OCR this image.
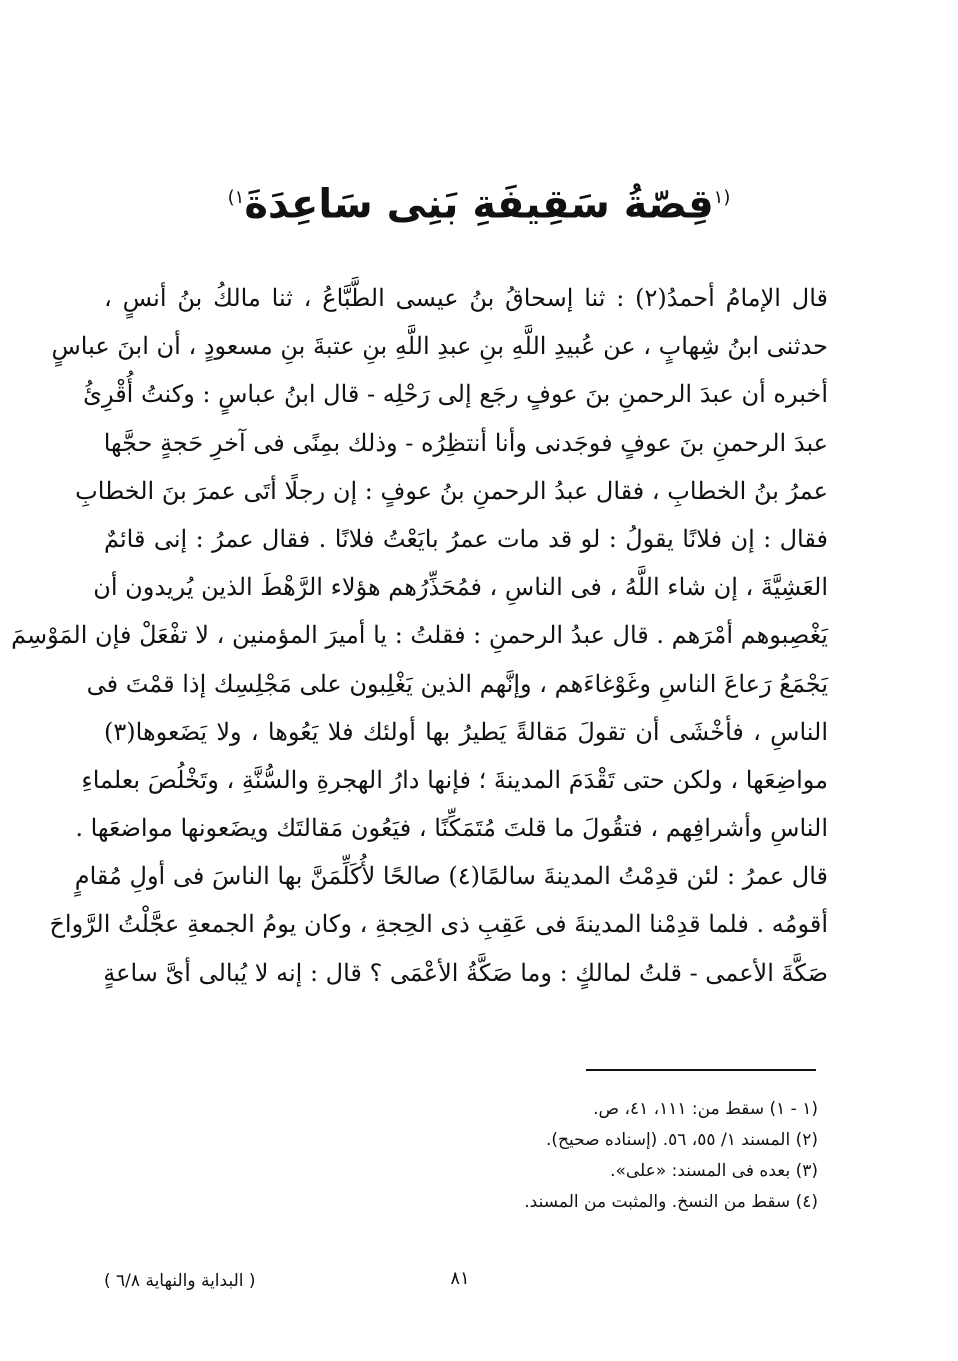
$^{(١}$قِصّةُ سَقِيفَةِ بَنِى سَاعِدَةَ$^{١)}$
قال الإمامُ أحمدُ(٢) : ثنا إسحاقُ بنُ عيسى الطَّبَّاعُ ، ثنا مالكُ بنُ أنسٍ ،
حدثنى ابنُ شِهابٍ ، عن عُبيدِ اللَّهِ بنِ عبدِ اللَّهِ بنِ عتبةَ بنِ مسعودٍ ، أن ابنَ عباسٍ
أخبره أن عبدَ الرحمنِ بنَ عوفٍ رجَع إلى رَحْلِه - قال ابنُ عباسٍ : وكنتُ أُقْرِئُ
عبدَ الرحمنِ بنَ عوفٍ فوجَدنى وأنا أنتظِرُه - وذلك بمِنًى فى آخرِ حَجةٍ حجَّها
عمرُ بنُ الخطابِ ، فقال عبدُ الرحمنِ بنُ عوفٍ : إن رجلًا أتَى عمرَ بنَ الخطابِ
فقال : إن فلانًا يقولُ : لو قد مات عمرُ بايَعْتُ فلانًا . فقال عمرُ : إنى قائمٌ
العَشِيَّةَ ، إن شاء اللَّهُ ، فى الناسِ ، فمُحَذِّرُهم هؤلاء الرَّهْطَ الذين يُريدون أن
يَغْصِبوهم أمْرَهم . قال عبدُ الرحمنِ : فقلتُ : يا أميرَ المؤمنين ، لا تفْعَلْ فإن المَوْسِمَ
يَجْمَعُ رَعاعَ الناسِ وغَوْغاءَهم ، وإنَّهم الذين يَغْلِبون على مَجْلِسِك إذا قمْتَ فى
الناسِ ، فأخْشَى أن تقولَ مَقالةً يَطيرُ بها أولئك فلا يَعُوها ، ولا يَضَعوها(٣)
مواضِعَها ، ولكن حتى تَقْدَمَ المدينةَ ؛ فإنها دارُ الهجرةِ والسُّنَّةِ ، وتَخْلُصَ بعلماءِ
الناسِ وأشرافِهم ، فتقُولَ ما قلتَ مُتَمَكِّنًا ، فيَعُون مَقالتَك ويضَعونها مواضعَها .
قال عمرُ : لئن قدِمْتُ المدينةَ سالمًا(٤) صالحًا لأُكَلِّمَنَّ بها الناسَ فى أولِ مُقامٍ
أقومُه . فلما قدِمْنا المدينةَ فى عَقِبِ ذى الحِجةِ ، وكان يومُ الجمعةِ عجَّلْتُ الرَّواحَ
صَكَّةَ الأعمى - قلتُ لمالكٍ : وما صَكَّةُ الأعْمَى ؟ قال : إنه لا يُبالى أىَّ ساعةٍ
(١ - ١) سقط من: ١١١، ٤١، ص.
(٢) المسند ١/ ٥٥، ٥٦. (إسناده صحيح).
(٣) بعده فى المسند: «على».
(٤) سقط من النسخ. والمثبت من المسند.
٨١
( البداية والنهاية ٦/٨ )
